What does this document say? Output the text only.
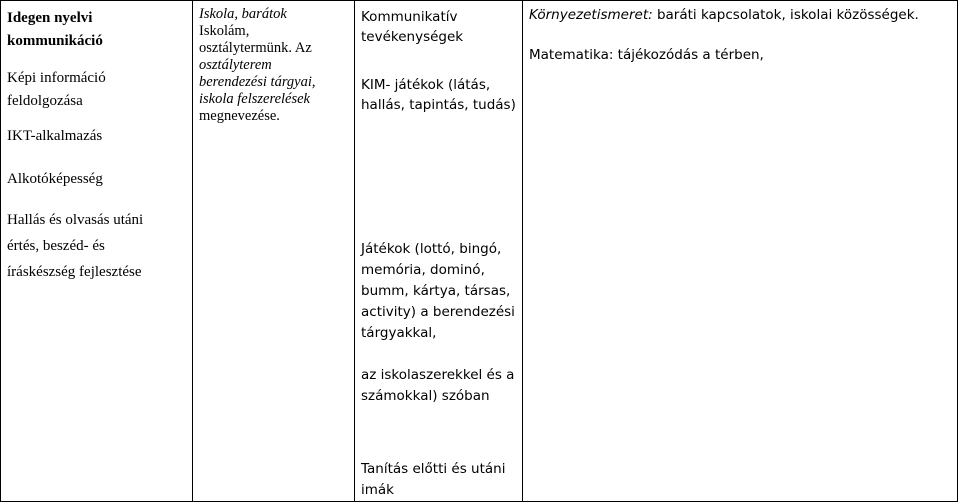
Idegen nyelvi
kommunikáció
Képi információ
feldolgozása
IKT-alkalmazás
Alkotóképesség
Hallás és olvasás utáni
értés, beszéd- és
íráskészség fejlesztése

Iskola, barátok
Iskolám,
osztálytermünk. Az
osztályterem
berendezési tárgyai,
iskola felszerelések
megnevezése.

Kommunikatív
tevékenységek
KIM- játékok (látás,
hallás, tapintás, tudás)
Játékok (lottó, bingó,
memória, dominó,
bumm, kártya, társas,
activity) a berendezési
tárgyakkal,
az iskolaszerekkel és a
számokkal) szóban
Tanítás előtti és utáni
imák

Környezetismeret: baráti kapcsolatok, iskolai közösségek.
Matematika: tájékozódás a térben,
